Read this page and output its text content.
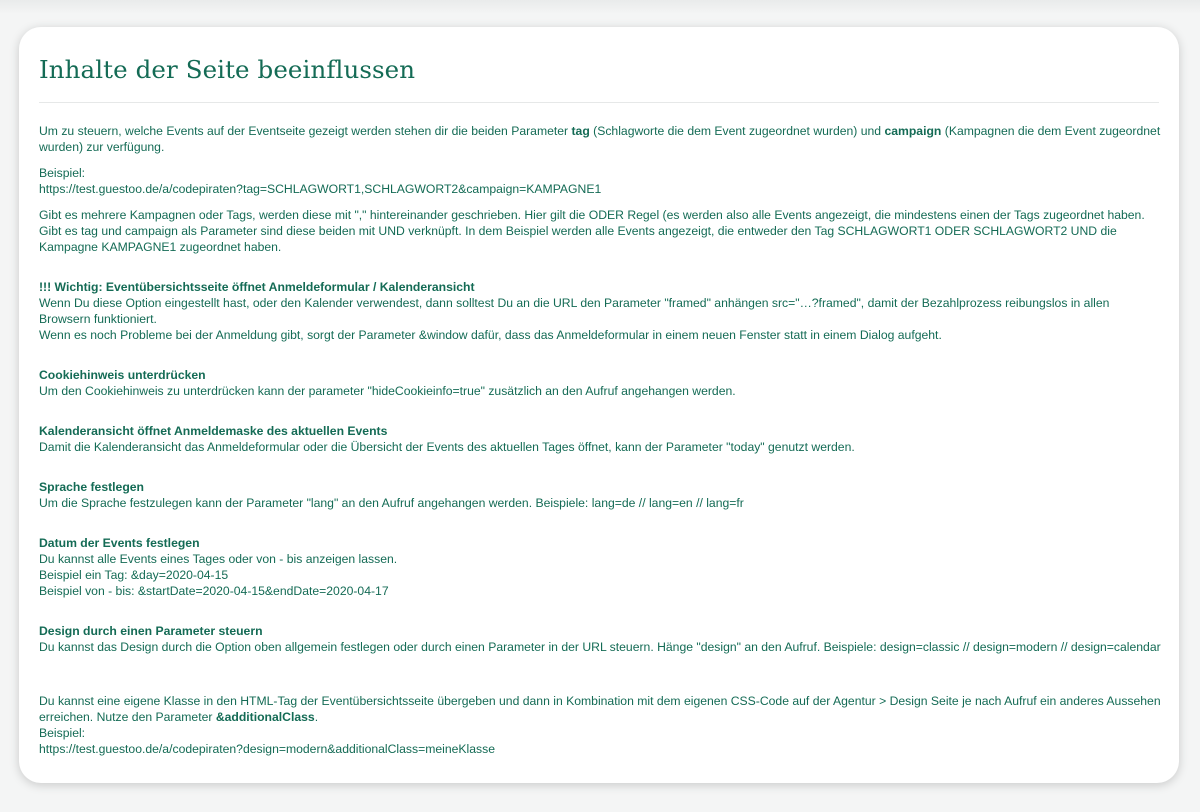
Inhalte der Seite beeinflussen

Um zu steuern, welche Events auf der Eventseite gezeigt werden stehen dir die beiden Parameter tag (Schlagworte die dem Event zugeordnet wurden) und campaign (Kampagnen die dem Event zugeordnet wurden) zur verfügung.

Beispiel:
https://test.guestoo.de/a/codepiraten?tag=SCHLAGWORT1,SCHLAGWORT2&campaign=KAMPAGNE1

Gibt es mehrere Kampagnen oder Tags, werden diese mit "," hintereinander geschrieben. Hier gilt die ODER Regel (es werden also alle Events angezeigt, die mindestens einen der Tags zugeordnet haben. Gibt es tag und campaign als Parameter sind diese beiden mit UND verknüpft. In dem Beispiel werden alle Events angezeigt, die entweder den Tag SCHLAGWORT1 ODER SCHLAGWORT2 UND die Kampagne KAMPAGNE1 zugeordnet haben.

!!! Wichtig: Eventübersichtsseite öffnet Anmeldeformular / Kalenderansicht
Wenn Du diese Option eingestellt hast, oder den Kalender verwendest, dann solltest Du an die URL den Parameter "framed" anhängen src="…?framed", damit der Bezahlprozess reibungslos in allen Browsern funktioniert.
Wenn es noch Probleme bei der Anmeldung gibt, sorgt der Parameter &window dafür, dass das Anmeldeformular in einem neuen Fenster statt in einem Dialog aufgeht.

Cookiehinweis unterdrücken
Um den Cookiehinweis zu unterdrücken kann der parameter "hideCookieinfo=true" zusätzlich an den Aufruf angehangen werden.

Kalenderansicht öffnet Anmeldemaske des aktuellen Events
Damit die Kalenderansicht das Anmeldeformular oder die Übersicht der Events des aktuellen Tages öffnet, kann der Parameter "today" genutzt werden.

Sprache festlegen
Um die Sprache festzulegen kann der Parameter "lang" an den Aufruf angehangen werden. Beispiele: lang=de // lang=en // lang=fr

Datum der Events festlegen
Du kannst alle Events eines Tages oder von - bis anzeigen lassen.
Beispiel ein Tag: &day=2020-04-15
Beispiel von - bis: &startDate=2020-04-15&endDate=2020-04-17

Design durch einen Parameter steuern
Du kannst das Design durch die Option oben allgemein festlegen oder durch einen Parameter in der URL steuern. Hänge "design" an den Aufruf. Beispiele: design=classic // design=modern // design=calendar

Du kannst eine eigene Klasse in den HTML-Tag der Eventübersichtsseite übergeben und dann in Kombination mit dem eigenen CSS-Code auf der Agentur > Design Seite je nach Aufruf ein anderes Aussehen erreichen. Nutze den Parameter &additionalClass.
Beispiel:
https://test.guestoo.de/a/codepiraten?design=modern&additionalClass=meineKlasse
